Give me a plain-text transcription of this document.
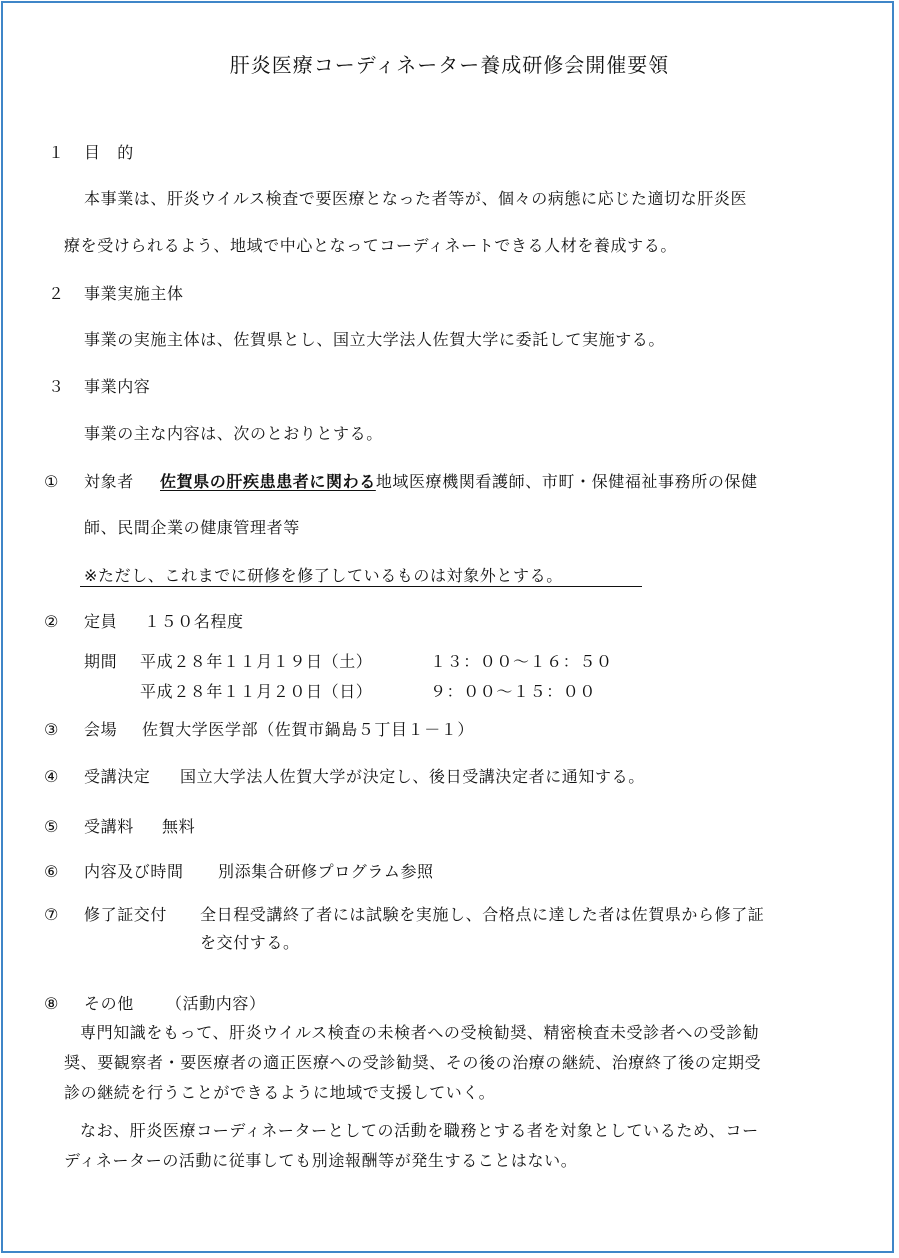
肝炎医療コーディネーター養成研修会開催要領
１ 目　的
本事業は、肝炎ウイルス検査で要医療となった者等が、個々の病態に応じた適切な肝炎医
療を受けられるよう、地域で中心となってコーディネートできる人材を養成する。
２ 事業実施主体
事業の実施主体は、佐賀県とし、国立大学法人佐賀大学に委託して実施する。
３ 事業内容
事業の主な内容は、次のとおりとする。
① 対象者 佐賀県の肝疾患患者に関わる地域医療機関看護師、市町・保健福祉事務所の保健
師、民間企業の健康管理者等
※ただし、これまでに研修を修了しているものは対象外とする。
② 定員 １５０名程度
期間 平成２８年１１月１９日（土）	１３：００～１６：５０
平成２８年１１月２０日（日）	９：００～１５：００
③ 会場 佐賀大学医学部（佐賀市鍋島５丁目１－１）
④ 受講決定 国立大学法人佐賀大学が決定し、後日受講決定者に通知する。
⑤ 受講料 無料
⑥ 内容及び時間 別添集合研修プログラム参照
⑦ 修了証交付 全日程受講終了者には試験を実施し、合格点に達した者は佐賀県から修了証
を交付する。
⑧ その他 （活動内容）
専門知識をもって、肝炎ウイルス検査の未検者への受検勧奨、精密検査未受診者への受診勧
奨、要観察者・要医療者の適正医療への受診勧奨、その後の治療の継続、治療終了後の定期受
診の継続を行うことができるように地域で支援していく。
なお、肝炎医療コーディネーターとしての活動を職務とする者を対象としているため、コー
ディネーターの活動に従事しても別途報酬等が発生することはない。
